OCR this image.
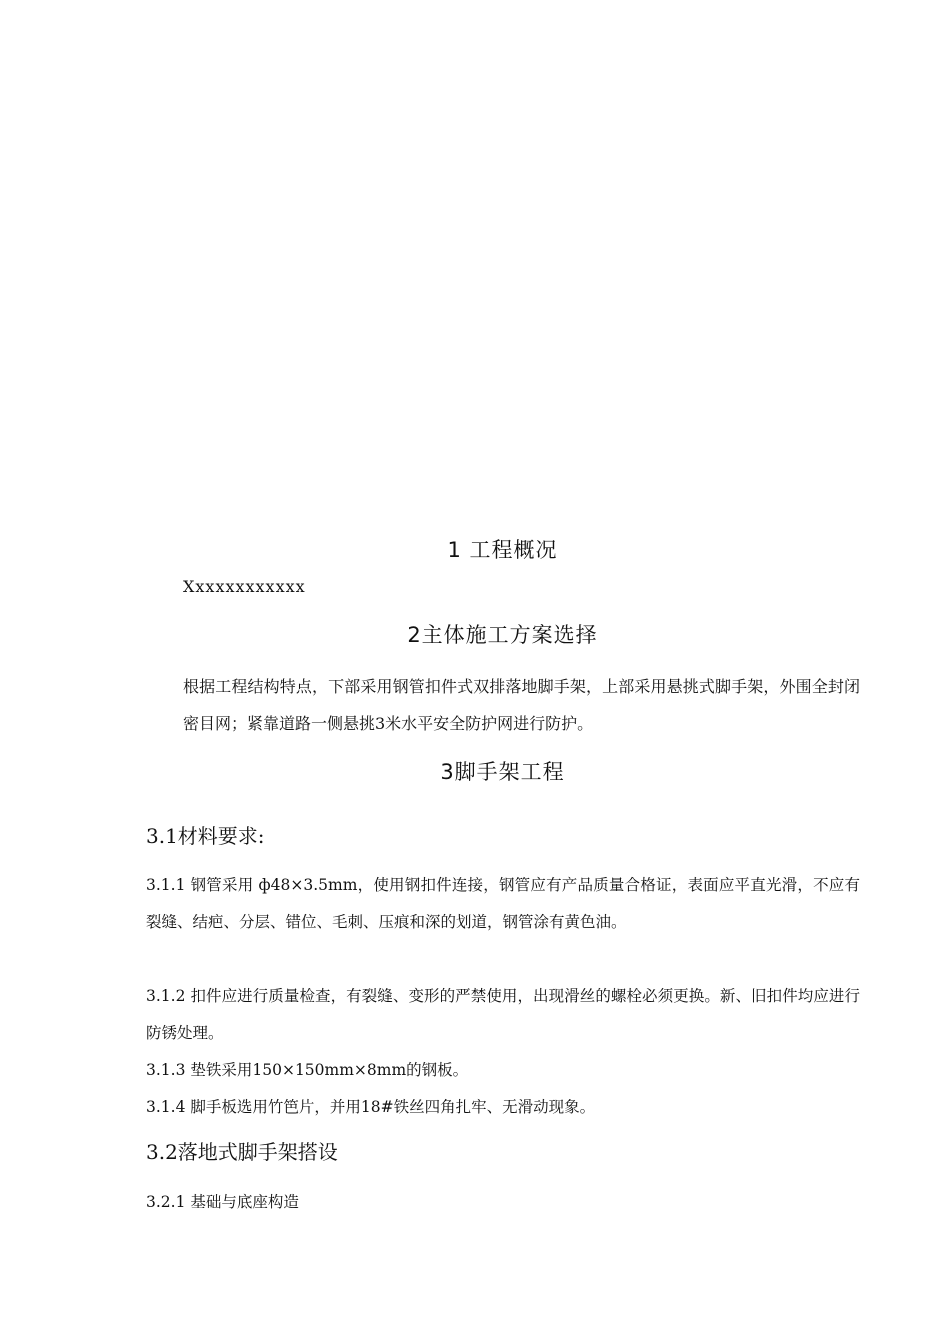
1 工程概况
Xxxxxxxxxxxx
2主体施工方案选择
根据工程结构特点，下部采用钢管扣件式双排落地脚手架，上部采用悬挑式脚手架，外围全封闭密目网；紧靠道路一侧悬挑3米水平安全防护网进行防护。
3脚手架工程
3.1材料要求:
3.1.1 钢管采用 ф48×3.5mm，使用钢扣件连接，钢管应有产品质量合格证，表面应平直光滑，不应有裂缝、结疤、分层、错位、毛刺、压痕和深的划道，钢管涂有黄色油。
3.1.2 扣件应进行质量检查，有裂缝、变形的严禁使用，出现滑丝的螺栓必须更换。新、旧扣件均应进行防锈处理。
3.1.3 垫铁采用150×150mm×8mm的钢板。
3.1.4 脚手板选用竹笆片，并用18#铁丝四角扎牢、无滑动现象。
3.2落地式脚手架搭设
3.2.1 基础与底座构造
